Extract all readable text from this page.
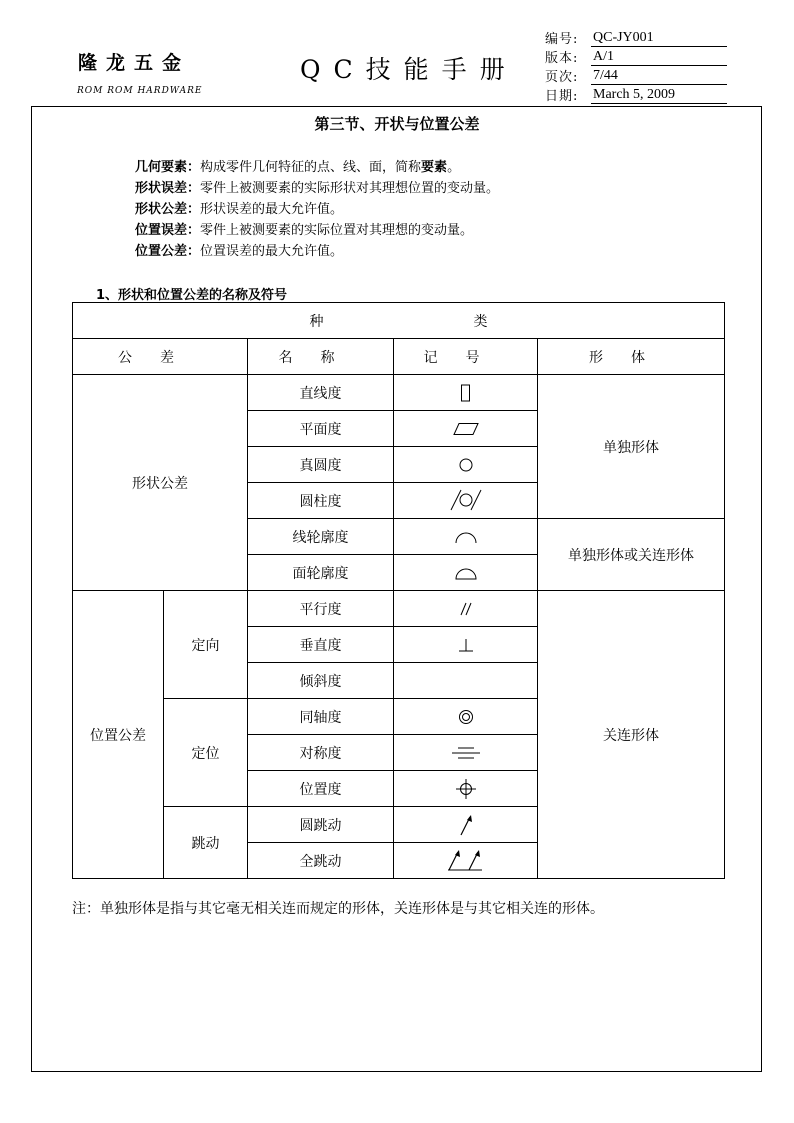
隆龙五金
ROM ROM HARDWARE
QC技能手册
编号:	QC-JY001
版本:	A/1
页次:	7/44
日期:	March 5, 2009
第三节、开状与位置公差
几何要素：构成零件几何特征的点、线、面，简称要素。
形状误差：零件上被测要素的实际形状对其理想位置的变动量。
形状公差：形状误差的最大允许值。
位置误差：零件上被测要素的实际位置对其理想的变动量。
位置公差：位置误差的最大允许值。
1、形状和位置公差的名称及符号
种类				
公差		名称	记号	形体
形状公差		直线度		单独形体
		平面度	

		真圆度	

		圆柱度	

		线轮廓度		单独形体或关连形体
		面轮廓度	

位置公差	定向	平行度		关连形体
		垂直度	

		倾斜度		
	定位	同轴度	

		对称度	

		位置度	

	跳动	圆跳动	

		全跳动	
注：单独形体是指与其它毫无相关连而规定的形体，关连形体是与其它相关连的形体。
